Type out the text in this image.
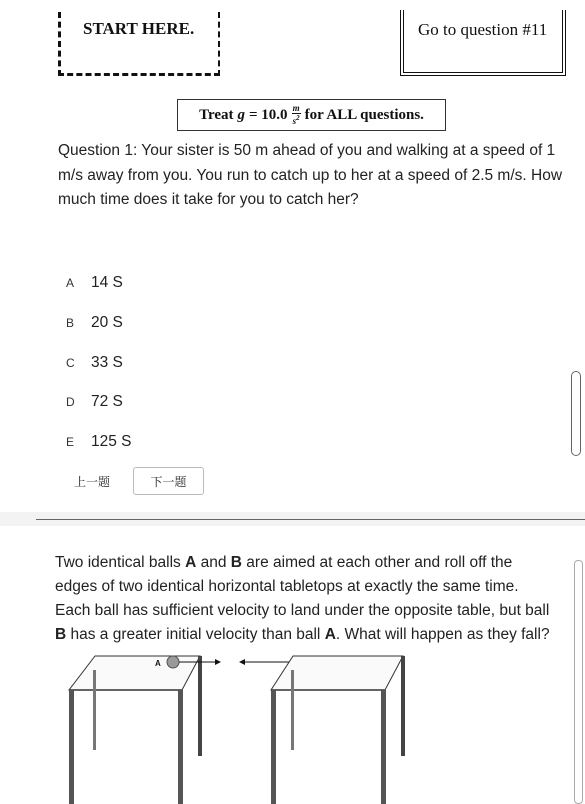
START HERE.	Go to question #11
Treat $g = 10.0 \frac{m}{s^2}$ for ALL questions.
Question 1: Your sister is 50 m ahead of you and walking at a speed of 1 m/s away from you. You run to catch up to her at a speed of 2.5 m/s. How much time does it take for you to catch her?
A	14 S
B	20 S
C	33 S
D	72 S
E	125 S
上一题	下一题
Two identical balls A and B are aimed at each other and roll off the edges of two identical horizontal tabletops at exactly the same time. Each ball has sufficient velocity to land under the opposite table, but ball B has a greater initial velocity than ball A. What will happen as they fall?
A
